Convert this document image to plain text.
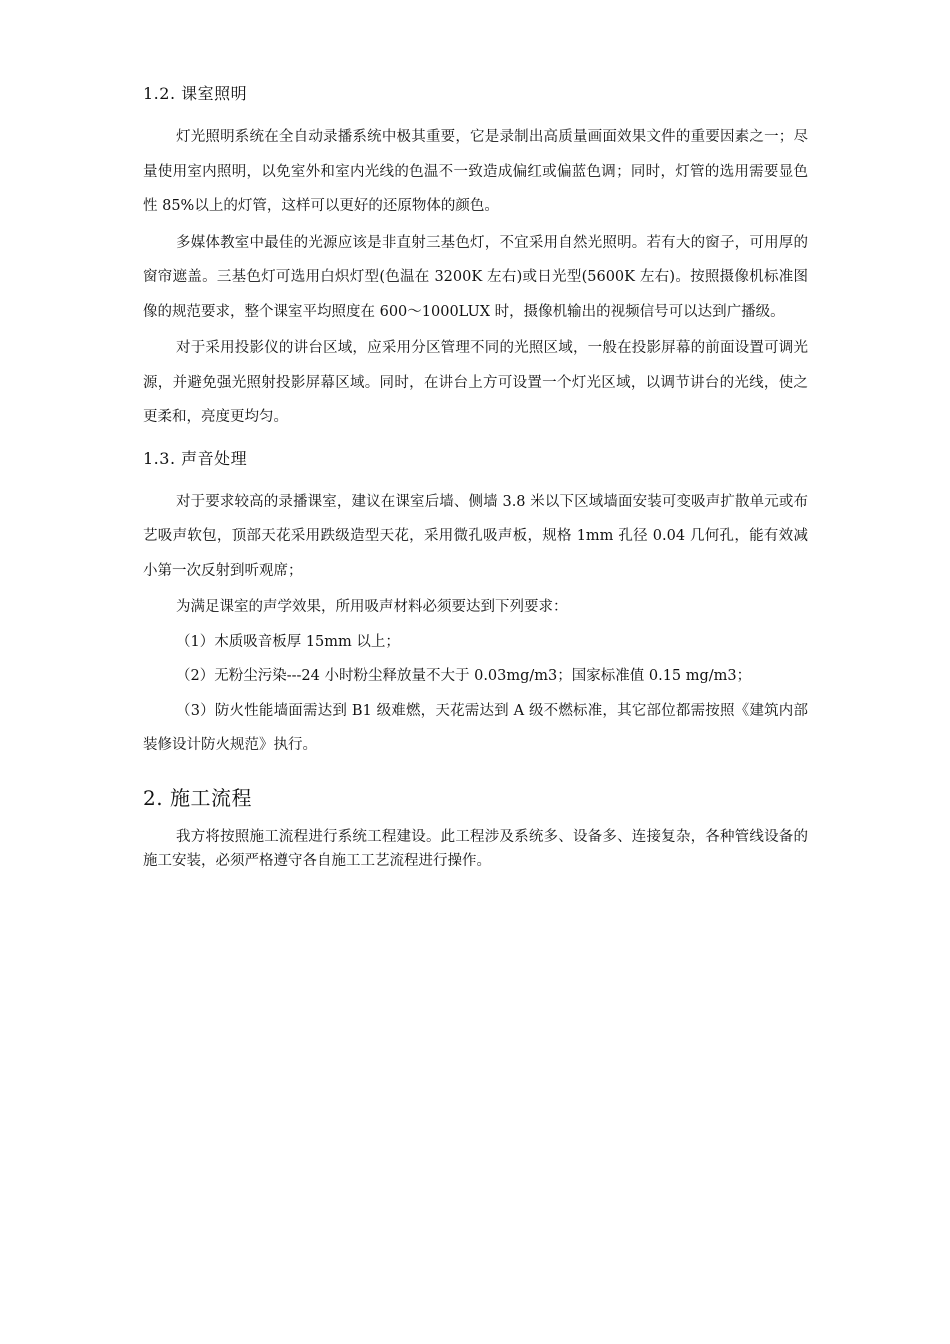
1.2. 课室照明

灯光照明系统在全自动录播系统中极其重要，它是录制出高质量画面效果文件的重要因素之一；尽量使用室内照明，以免室外和室内光线的色温不一致造成偏红或偏蓝色调；同时，灯管的选用需要显色性 85%以上的灯管，这样可以更好的还原物体的颜色。

多媒体教室中最佳的光源应该是非直射三基色灯，不宜采用自然光照明。若有大的窗子，可用厚的窗帘遮盖。三基色灯可选用白炽灯型(色温在 3200K 左右)或日光型(5600K 左右)。按照摄像机标准图像的规范要求，整个课室平均照度在 600～1000LUX 时，摄像机输出的视频信号可以达到广播级。

对于采用投影仪的讲台区域，应采用分区管理不同的光照区域，一般在投影屏幕的前面设置可调光源，并避免强光照射投影屏幕区域。同时，在讲台上方可设置一个灯光区域，以调节讲台的光线，使之更柔和，亮度更均匀。

1.3. 声音处理

对于要求较高的录播课室，建议在课室后墙、侧墙 3.8 米以下区域墙面安装可变吸声扩散单元或布艺吸声软包，顶部天花采用跌级造型天花，采用微孔吸声板，规格 1mm 孔径 0.04 几何孔，能有效减小第一次反射到听观席；

为满足课室的声学效果，所用吸声材料必须要达到下列要求：

（1）木质吸音板厚 15mm 以上；

（2）无粉尘污染---24 小时粉尘释放量不大于 0.03mg/m3；国家标准值 0.15 mg/m3；

（3）防火性能墙面需达到 B1 级难燃，天花需达到 A 级不燃标准，其它部位都需按照《建筑内部装修设计防火规范》执行。

2. 施工流程

我方将按照施工流程进行系统工程建设。此工程涉及系统多、设备多、连接复杂，各种管线设备的施工安装，必须严格遵守各自施工工艺流程进行操作。
